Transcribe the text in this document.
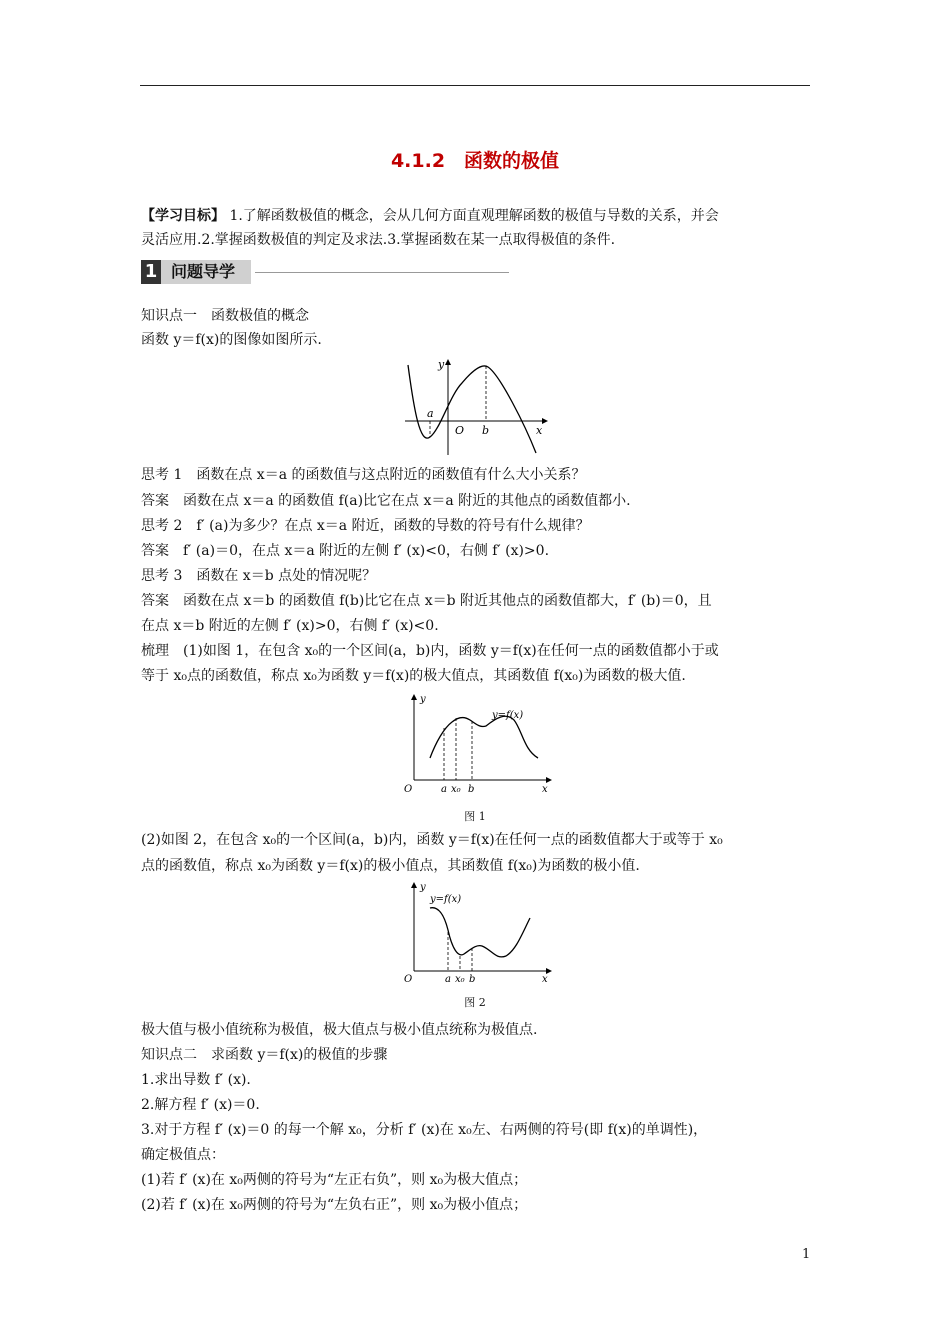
4.1.2　函数的极值
【学习目标】 1.了解函数极值的概念，会从几何方面直观理解函数的极值与导数的关系，并会
灵活应用.2.掌握函数极值的判定及求法.3.掌握函数在某一点取得极值的条件.
1 问题导学
知识点一　函数极值的概念
函数 y＝f(x)的图像如图所示.
y
x
O
a
b
思考 1　函数在点 x＝a 的函数值与这点附近的函数值有什么大小关系？
答案　函数在点 x＝a 的函数值 f(a)比它在点 x＝a 附近的其他点的函数值都小.
思考 2　f′ (a)为多少？在点 x＝a 附近，函数的导数的符号有什么规律？
答案　f′ (a)＝0，在点 x＝a 附近的左侧 f′ (x)<0，右侧 f′ (x)>0.
思考 3　函数在 x＝b 点处的情况呢？
答案　函数在点 x＝b 的函数值 f(b)比它在点 x＝b 附近其他点的函数值都大，f′ (b)＝0，且
在点 x＝b 附近的左侧 f′ (x)>0，右侧 f′ (x)<0.
梳理　(1)如图 1，在包含 x₀的一个区间(a，b)内，函数 y＝f(x)在任何一点的函数值都小于或
等于 x₀点的函数值，称点 x₀为函数 y＝f(x)的极大值点，其函数值 f(x₀)为函数的极大值.
y=f(x)
y
x
O	a x₀ b
图 1
(2)如图 2，在包含 x₀的一个区间(a，b)内，函数 y＝f(x)在任何一点的函数值都大于或等于 x₀
点的函数值，称点 x₀为函数 y＝f(x)的极小值点，其函数值 f(x₀)为函数的极小值.
y=f(x)
y
x
O	a x₀ b
图 2
极大值与极小值统称为极值，极大值点与极小值点统称为极值点.
知识点二　求函数 y＝f(x)的极值的步骤
1.求出导数 f′ (x).
2.解方程 f′ (x)＝0.
3.对于方程 f′ (x)＝0 的每一个解 x₀，分析 f′ (x)在 x₀左、右两侧的符号(即 f(x)的单调性)，
确定极值点：
(1)若 f′ (x)在 x₀两侧的符号为“左正右负”，则 x₀为极大值点；
(2)若 f′ (x)在 x₀两侧的符号为“左负右正”，则 x₀为极小值点；
1
